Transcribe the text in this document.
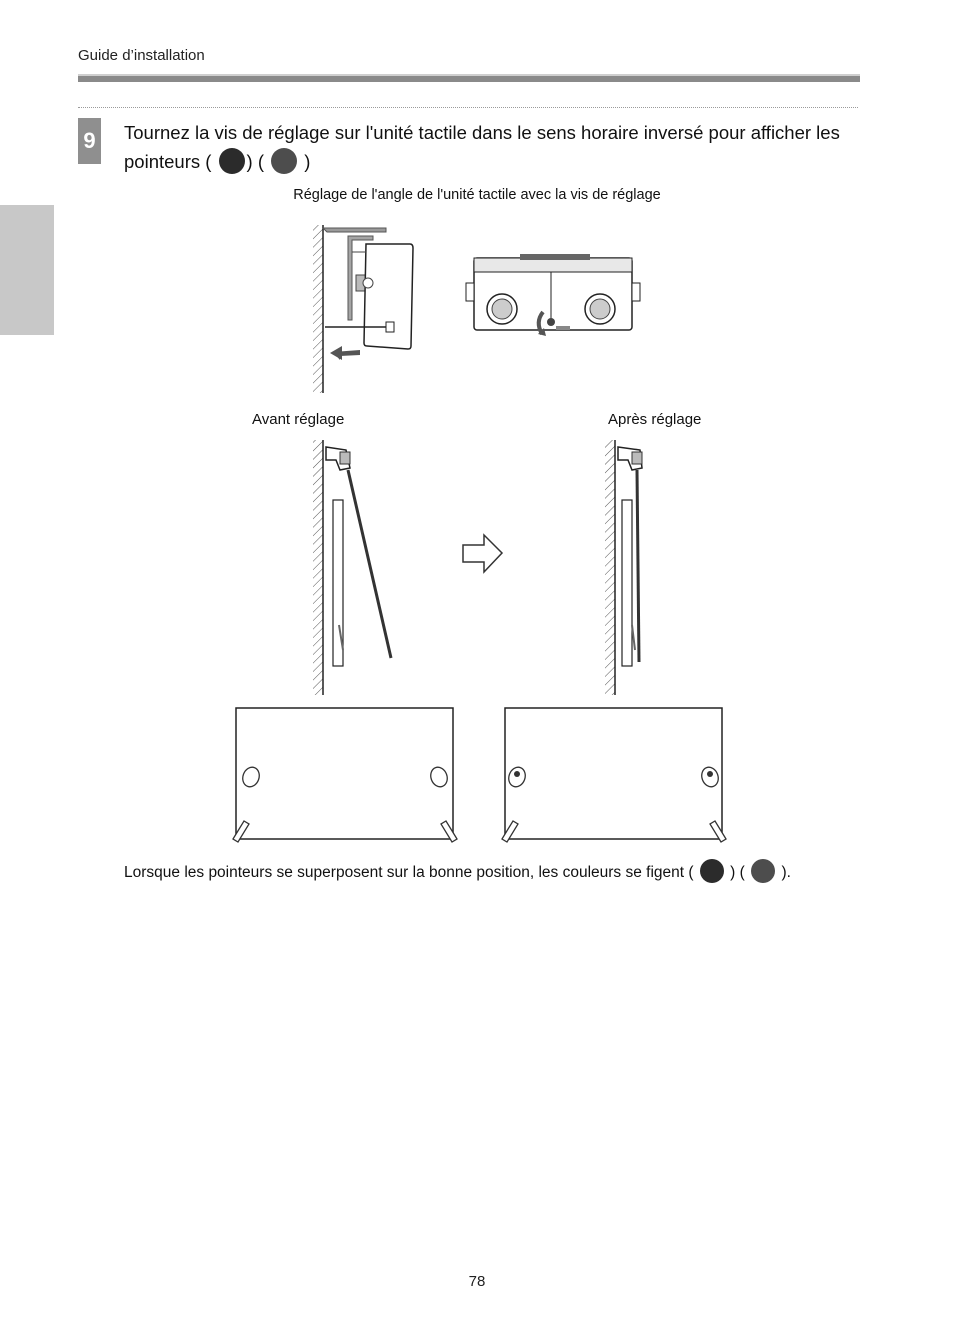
Guide d’installation
9 Tournez la vis de réglage sur l'unité tactile dans le sens horaire inversé pour afficher les
pointeurs ( ) ( )
Réglage de l'angle de l'unité tactile avec la vis de réglage
Avant réglage	Après réglage
Lorsque les pointeurs se superposent sur la bonne position, les couleurs se figent ( ) ( ).
78
